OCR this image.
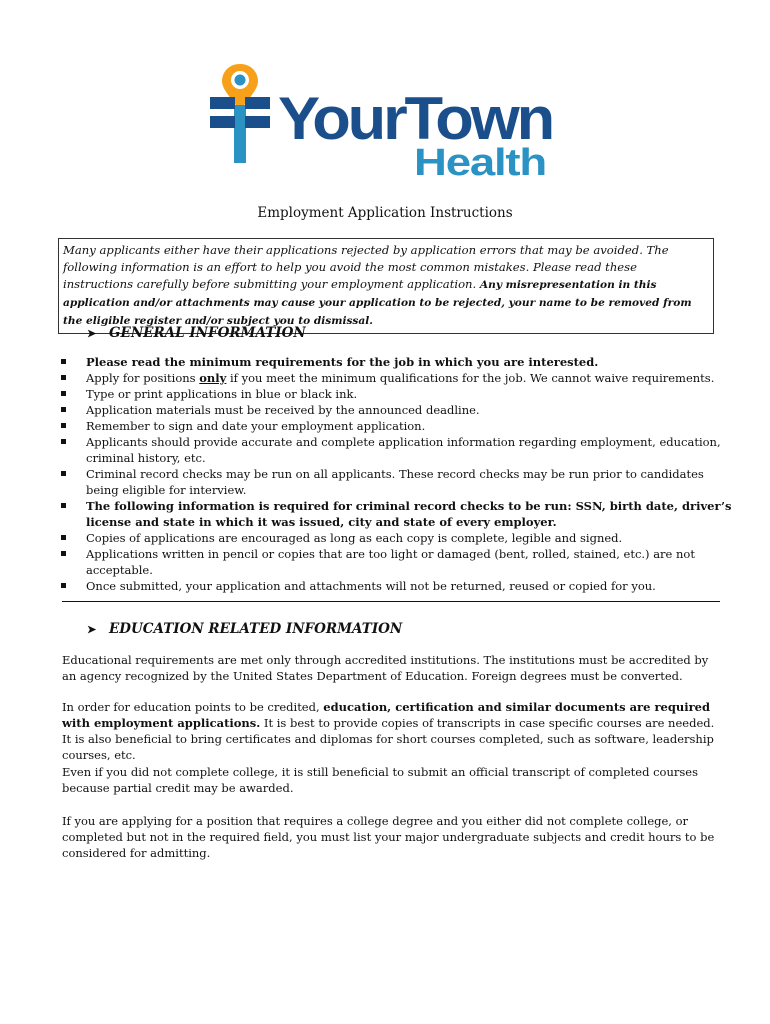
YourTown
Health
Employment Application Instructions
Many applicants either have their applications rejected by application errors that may be avoided. The following information is an effort to help you avoid the most common mistakes. Please read these instructions carefully before submitting your employment application. Any misrepresentation in this application and/or attachments may cause your application to be rejected, your name to be removed from the eligible register and/or subject you to dismissal.
➤ GENERAL INFORMATION
Please read the minimum requirements for the job in which you are interested.
Apply for positions only if you meet the minimum qualifications for the job. We cannot waive requirements.
Type or print applications in blue or black ink.
Application materials must be received by the announced deadline.
Remember to sign and date your employment application.
Applicants should provide accurate and complete application information regarding employment, education, criminal history, etc.
Criminal record checks may be run on all applicants. These record checks may be run prior to candidates being eligible for interview.
The following information is required for criminal record checks to be run: SSN, birth date, driver’s license and state in which it was issued, city and state of every employer.
Copies of applications are encouraged as long as each copy is complete, legible and signed.
Applications written in pencil or copies that are too light or damaged (bent, rolled, stained, etc.) are not acceptable.
Once submitted, your application and attachments will not be returned, reused or copied for you.
➤ EDUCATION RELATED INFORMATION

Educational requirements are met only through accredited institutions. The institutions must be accredited by an agency recognized by the United States Department of Education. Foreign degrees must be converted.

In order for education points to be credited, education, certification and similar documents are required with employment applications. It is best to provide copies of transcripts in case specific courses are needed. It is also beneficial to bring certificates and diplomas for short courses completed, such as software, leadership courses, etc.

Even if you did not complete college, it is still beneficial to submit an official transcript of completed courses because partial credit may be awarded.

If you are applying for a position that requires a college degree and you either did not complete college, or completed but not in the required field, you must list your major undergraduate subjects and credit hours to be considered for admitting.
